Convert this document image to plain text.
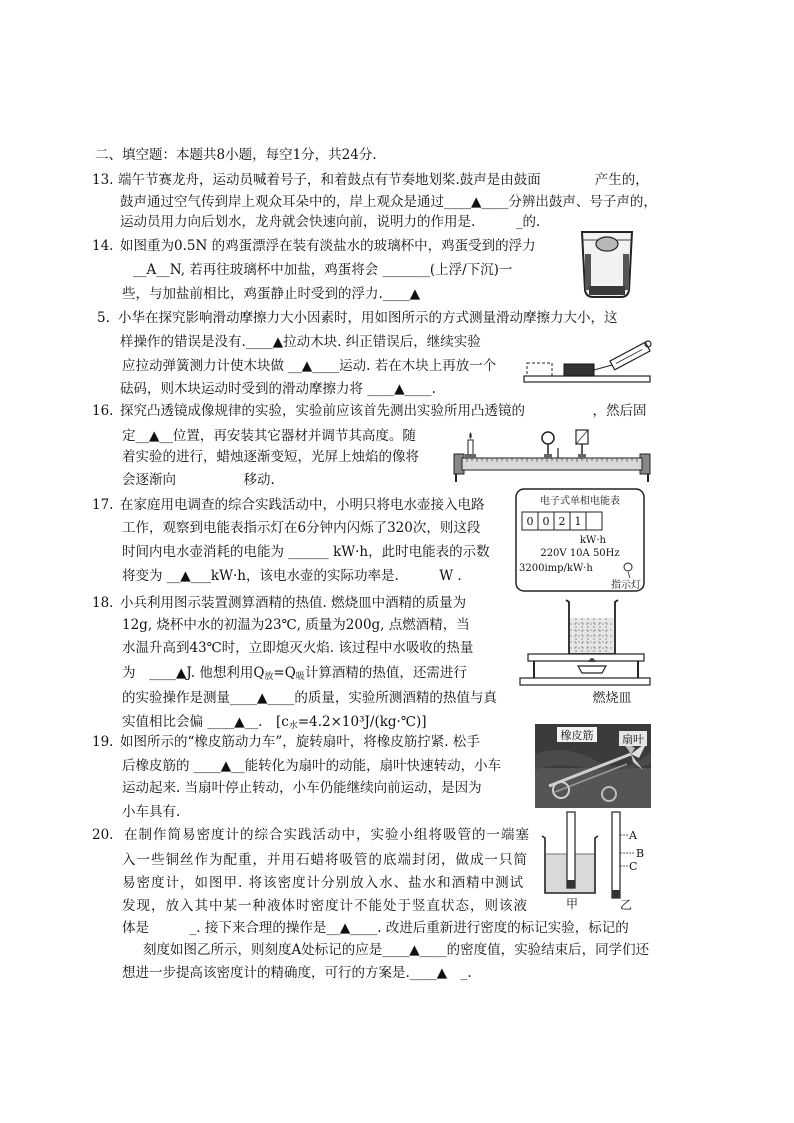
二、填空题：本题共8小题，每空1分，共24分.
13. 端午节赛龙舟，运动员喊着号子，和着鼓点有节奏地划桨.鼓声是由鼓面　　　　产生的，
鼓声通过空气传到岸上观众耳朵中的，岸上观众是通过____▲____分辨出鼓声、号子声的，
运动员用力向后划水，龙舟就会快速向前，说明力的作用是.　　　_的.
14. 如图重为0.5N 的鸡蛋漂浮在装有淡盐水的玻璃杯中，鸡蛋受到的浮力
__A__N, 若再往玻璃杯中加盐，鸡蛋将会 _______(上浮/下沉)一
些，与加盐前相比，鸡蛋静止时受到的浮力.____▲
5. 小华在探究影响滑动摩擦力大小因素时，用如图所示的方式测量滑动摩擦力大小，这
样操作的错误是没有.____▲拉动木块. 纠正错误后，继续实验
应拉动弹簧测力计使木块做 __▲____运动. 若在木块上再放一个
砝码，则木块运动时受到的滑动摩擦力将 ____▲____.
16. 探究凸透镜成像规律的实验，实验前应该首先测出实验所用凸透镜的　　　　　，然后固
定__▲__位置，再安装其它器材并调节其高度。随
着实验的进行，蜡烛逐渐变短，光屏上烛焰的像将
会逐渐向　　　　　移动.
17. 在家庭用电调查的综合实践活动中，小明只将电水壶接入电路
工作，观察到电能表指示灯在6分钟内闪烁了320次，则这段
时间内电水壶消耗的电能为 ______ kW·h，此时电能表的示数
将变为 __▲___kW·h，该电水壶的实际功率是.　　　W .
18. 小兵利用图示装置测算酒精的热值. 燃烧皿中酒精的质量为
12g, 烧杯中水的初温为23℃, 质量为200g, 点燃酒精，当
水温升高到43℃时，立即熄灭火焰. 该过程中水吸收的热量
为　____▲J. 他想利用$Q_放=Q_吸$计算酒精的热值，还需进行
的实验操作是测量____▲____的质量，实验所测酒精的热值与真
实值相比会偏 ____▲__.　$[c_水=4.2\times 10^3J/(kg\cdot℃)]$
19. 如图所示的“橡皮筋动力车”，旋转扇叶，将橡皮筋拧紧. 松手
后橡皮筋的 ____▲__能转化为扇叶的动能，扇叶快速转动，小车
运动起来. 当扇叶停止转动，小车仍能继续向前运动，是因为
小车具有.
20. 在制作简易密度计的综合实践活动中，实验小组将吸管的一端塞
入一些铜丝作为配重，并用石蜡将吸管的底端封闭，做成一只简
易密度计，如图甲. 将该密度计分别放入水、盐水和酒精中测试
发现，放入其中某一种液体时密度计不能处于竖直状态，则该液
体是　　　_. 接下来合理的操作是__▲____. 改进后重新进行密度的标记实验，标记的
刻度如图乙所示，则刻度A处标记的应是____▲____的密度值，实验结束后，同学们还
想进一步提高该密度计的精确度，可行的方案是.____▲　_.
电子式单相电能表
0 0 2 1
kW·h
220V 10A 50Hz
3200imp/kW·h
指示灯
燃烧皿
橡皮筋	扇叶
A
B
C
甲	乙
